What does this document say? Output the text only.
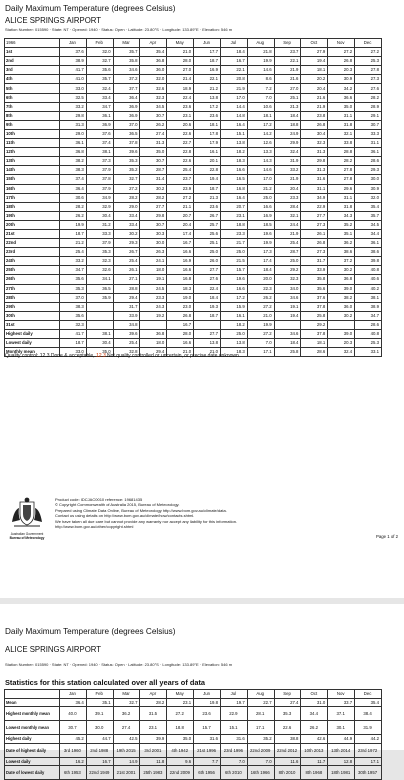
Daily Maximum Temperature (degrees Celsius)
ALICE SPRINGS AIRPORT
Station Number: 015590 · State: NT · Opened: 1940 · Status: Open · Latitude: 23.80°S · Longitude: 133.89°E · Elevation: 546 m
1966	Jan	Feb	Mar	Apr	May	Jun	Jul	Aug	Sep	Oct	Nov	Dec
1st	37.6	32.0	35.7	35.4	21.0	17.7	18.4	21.8	23.7	27.9	27.2	27.2
2nd	38.9	32.7	35.8	36.8	28.0	18.7	16.7	19.9	22.1	19.4	26.8	25.3
3rd	41.7	35.6	34.6	36.0	27.0	16.9	22.1	14.6	21.9	18.1	20.3	27.8
4th	41.0	35.7	37.2	32.0	21.4	22.1	20.8	8.6	21.6	20.2	30.9	27.3
5th	33.0	32.4	37.7	32.6	18.9	21.2	21.9	7.2	27.0	20.4	34.2	27.6
6th	32.5	33.4	36.4	32.3	22.4	13.8	17.0	7.0	25.1	21.6	36.6	28.2
7th	33.2	34.7	36.9	34.5	23.6	17.2	14.4	10.6	21.3	21.9	35.0	28.9
8th	29.8	36.1	36.9	30.7	23.1	23.6	14.8	18.1	18.4	23.8	31.1	29.1
9th	31.3	36.9	37.0	26.2	20.6	18.1	16.4	17.2	18.8	26.8	31.8	30.7
10th	29.0	37.6	36.5	27.4	22.6	17.8	15.1	14.2	24.9	30.4	32.1	33.3
11th	36.1	37.4	37.8	31.3	22.7	17.9	13.8	12.6	29.9	32.3	33.8	31.1
12th	36.8	38.1	39.6	35.0	22.8	16.1	18.2	13.3	32.4	31.3	28.8	36.1
13th	38.2	37.3	35.3	30.7	22.6	20.1	18.3	14.3	31.9	29.8	28.2	28.6
14th	38.3	37.9	35.2	28.7	25.4	22.8	16.6	14.6	33.2	31.3	27.8	29.3
15th	37.4	37.8	32.7	31.4	23.7	19.4	16.5	17.0	21.9	31.6	27.8	30.0
16th	36.4	37.9	27.2	30.2	23.9	18.7	16.8	21.2	20.4	31.1	29.6	30.9
17th	30.6	34.9	28.2	28.2	27.2	21.3	16.4	25.0	23.3	34.9	31.1	32.0
18th	28.2	32.9	29.0	27.7	21.1	23.6	20.7	16.6	28.4	22.9	31.8	35.4
19th	26.2	30.4	33.4	29.8	20.7	26.7	23.1	16.9	32.1	27.7	34.3	35.7
20th	19.9	31.2	33.4	30.7	20.4	25.7	18.8	18.5	24.4	27.3	35.2	34.5
21st	18.7	33.3	30.2	30.3	17.4	25.6	23.3	19.6	21.9	26.1	35.1	34.4
22nd	21.2	37.9	29.3	30.0	16.7	25.1	21.7	19.9	25.4	26.8	36.2	36.1
23rd	25.4	35.3	26.7	26.3	16.6	25.0	25.0	17.3	28.7	27.3	38.6	38.6
24th	33.2	32.3	25.4	24.1	16.9	26.0	21.5	17.4	25.0	31.7	37.2	39.8
25th	34.7	32.6	26.1	18.0	16.6	27.7	15.7	18.4	29.2	33.9	30.2	40.8
26th	35.6	34.1	27.1	19.1	16.8	27.6	19.6	20.0	32.3	35.8	36.8	40.6
27th	35.3	36.5	28.8	24.5	18.3	22.4	16.6	22.3	34.0	35.6	39.0	40.2
28th	37.0	35.9	29.4	23.3	19.0	18.4	17.2	26.2	34.6	37.6	38.2	38.1
29th	38.3		31.7	24.3	23.0	19.3	15.9	27.2	19.1	37.8	36.0	38.9
30th	35.6		33.9	19.2	26.8	18.7	16.1	21.0	19.4	25.8	30.2	34.7
31st	32.3		34.8		16.7		18.2	19.9		29.2		28.6
Highest daily	41.7	38.1	39.6	36.8	28.0	27.7	25.0	27.2	34.6	37.8	39.0	40.8
Lowest daily	18.7	30.4	25.4	18.0	16.6	13.8	13.8	7.0	18.4	18.1	20.3	25.3
Monthly mean	33.0	35.0	32.8	29.4	21.0	21.0	18.3	17.1	25.8	28.6	32.4	33.1
Quality control: 12.3 Done & acceptable, 12.3 Not quality controlled or uncertain, or precise date unknown
Australian Government
Bureau of Meteorology
Product code: IDCJAC0010 reference: 19681435
© Copyright Commonwealth of Australia 2015, Bureau of Meteorology.
Prepared using Climate Data Online, Bureau of Meteorology http://www.bom.gov.au/climate/data.
Contact us using details on http://www.bom.gov.au/climate/how/contacts.shtml.
We have taken all due care but cannot provide any warranty nor accept any liability for this information.
http://www.bom.gov.au/other/copyright.shtml
Page 1 of 2
Daily Maximum Temperature (degrees Celsius)
ALICE SPRINGS AIRPORT
Station Number: 015590 · State: NT · Opened: 1940 · Status: Open · Latitude: 23.80°S · Longitude: 133.89°E · Elevation: 546 m
Statistics for this station calculated over all years of data
	Jan	Feb	Mar	Apr	May	Jun	Jul	Aug	Sep	Oct	Nov	Dec
Mean	36.4	35.1	32.7	28.2	23.1	19.8	19.7	22.7	27.4	31.0	33.7	35.4
Highest monthly mean	40.0	39.1	36.2	31.5	27.2	23.6	22.9	28.1	35.3	34.4	37.1	38.4
Lowest monthly mean	30.7	30.0	27.4	23.1	18.8	15.7	15.1	17.1	22.6	26.2	30.1	31.9
Highest daily	45.2	44.7	42.5	39.9	35.0	31.6	31.6	35.2	38.8	42.6	44.9	44.2
Date of highest daily	3rd 1960	2nd 1988	19th 2015	3rd 2001	4th 1942	21st 1996	23rd 1996	22nd 2009	22nd 2012	10th 2013	13th 2014	23rd 1972
Lowest daily	16.2	16.7	14.9	11.8	9.6	7.7	7.0	7.0	11.6	11.7	12.8	17.1
Date of lowest daily	6th 1953	22nd 1949	21st 2001	25th 1983	22nd 2009	6th 1956	6th 2010	16th 1966	8th 2010	8th 1968	18th 1981	30th 1957
